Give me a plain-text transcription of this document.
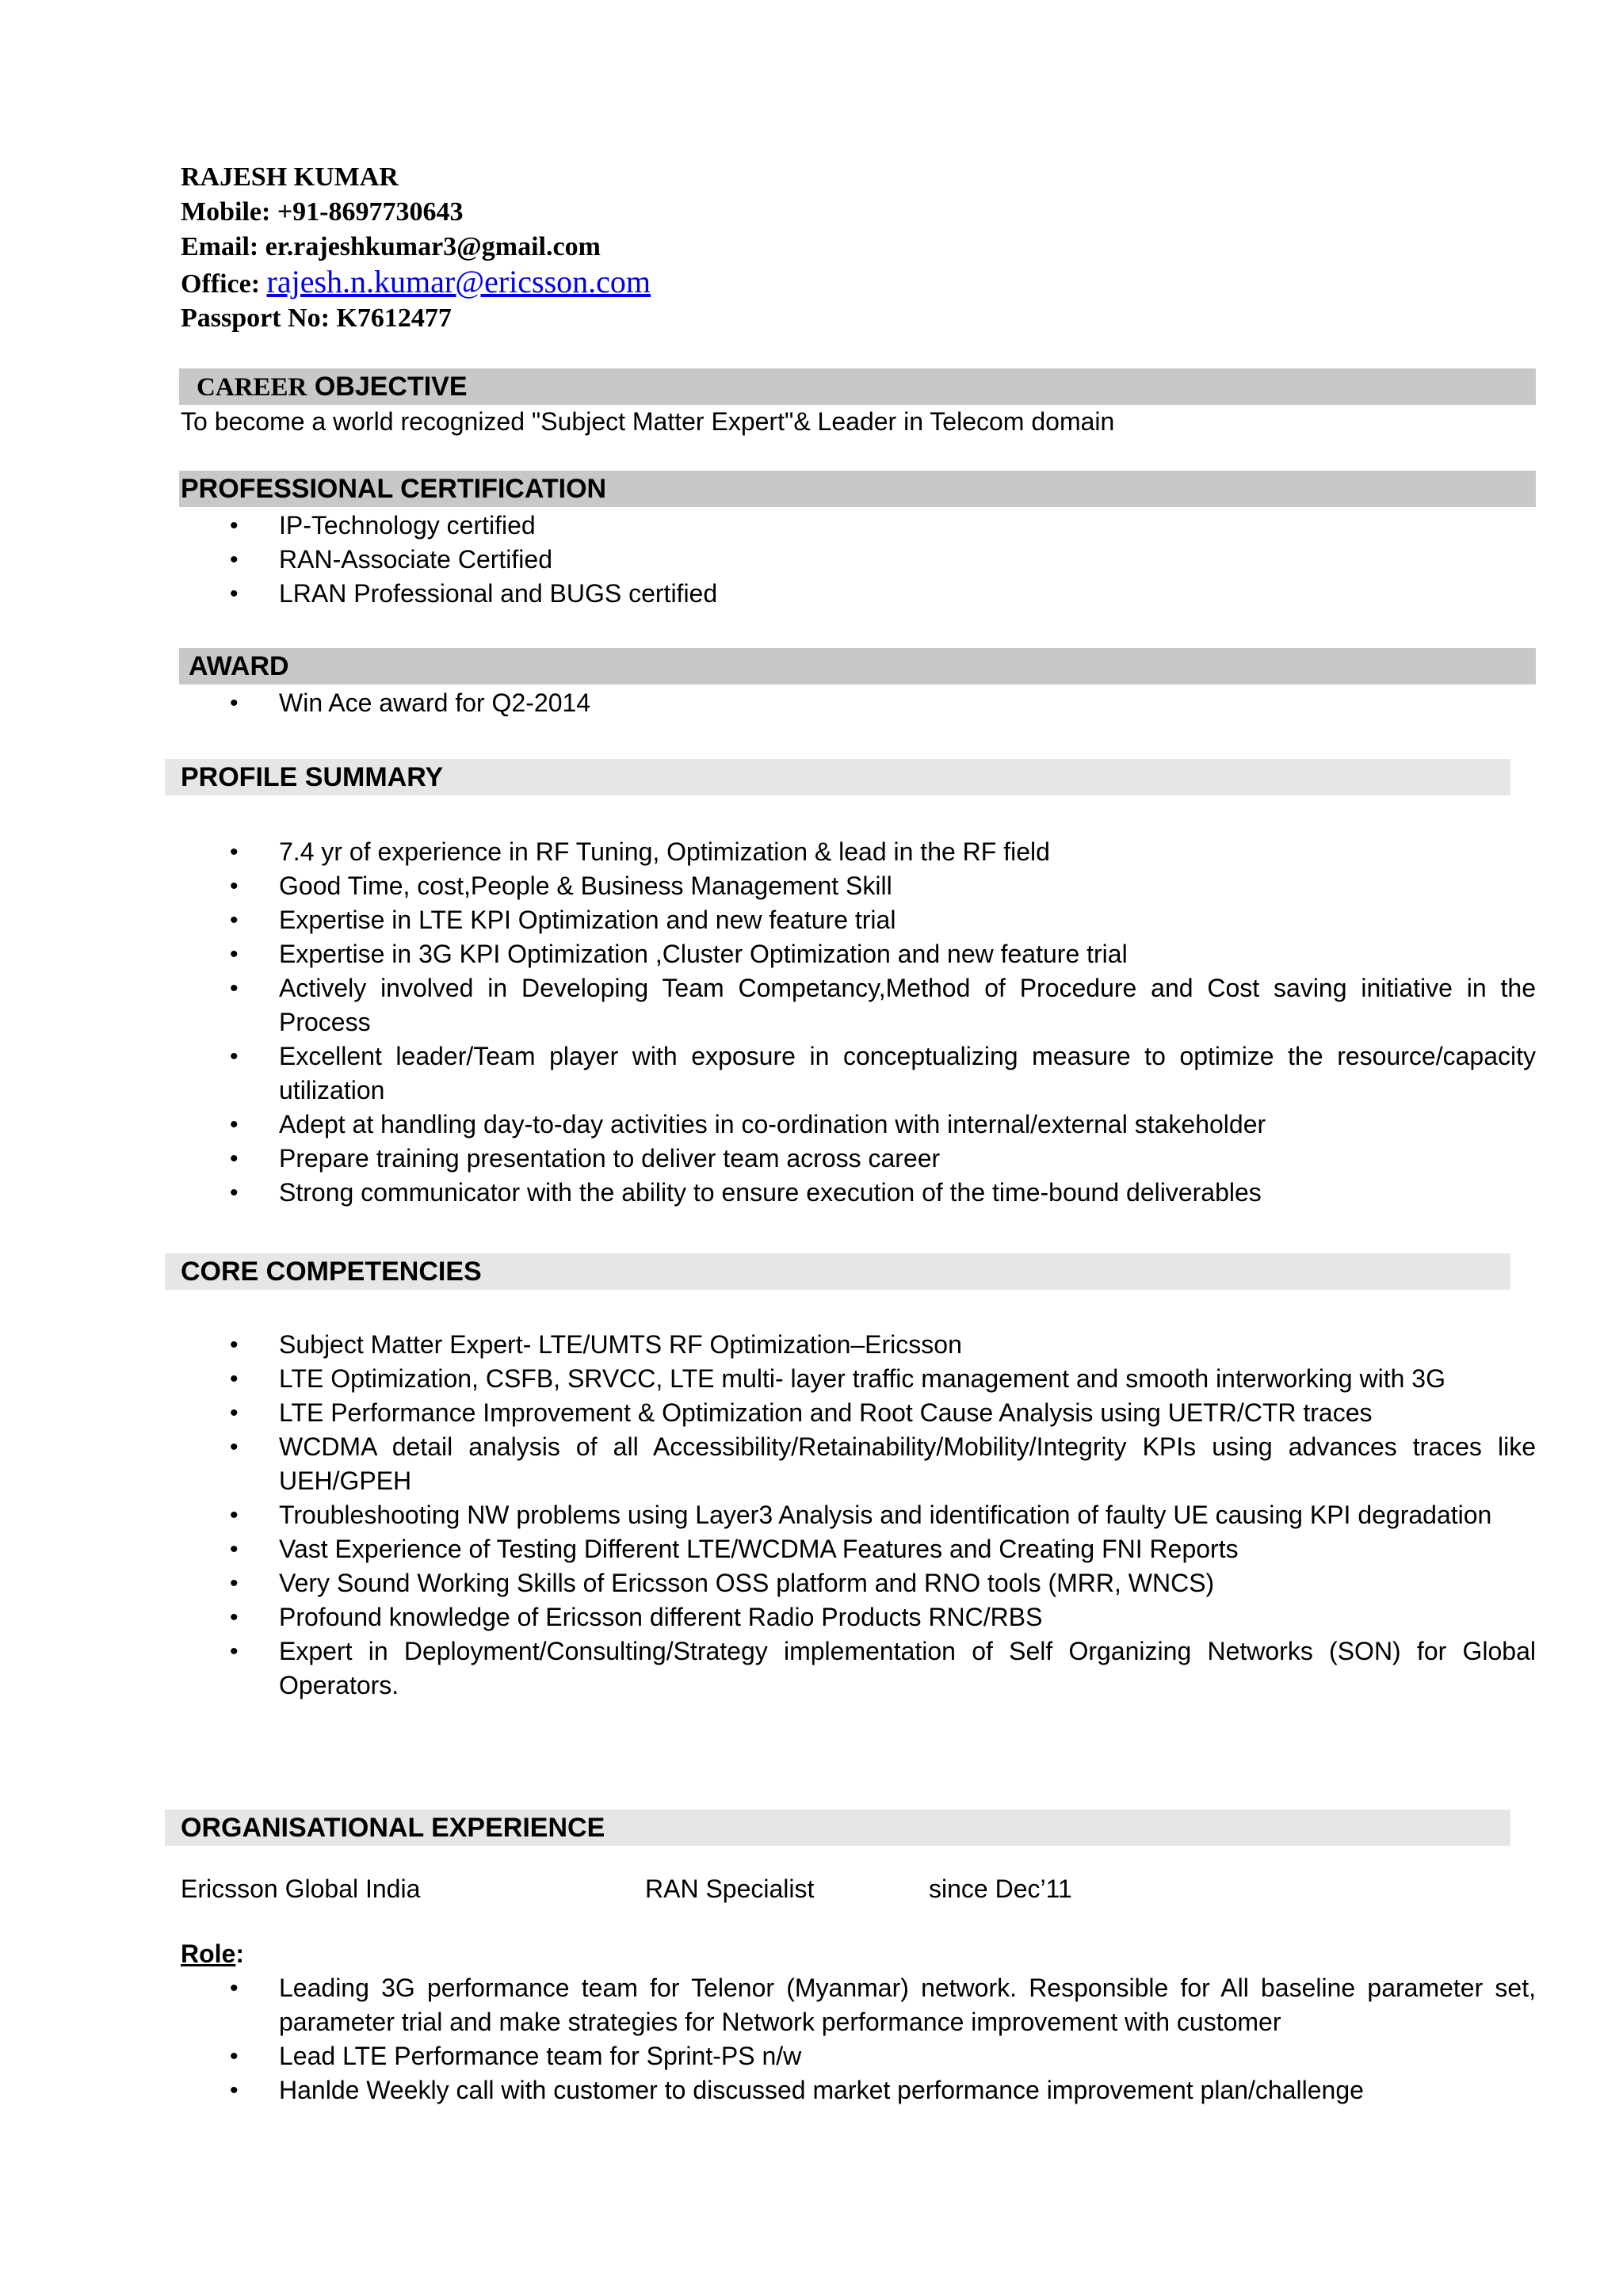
RAJESH KUMAR
Mobile: +91-8697730643
Email: er.rajeshkumar3@gmail.com
Office: rajesh.n.kumar@ericsson.com
Passport No: K7612477
CAREER OBJECTIVE
To become a world recognized "Subject Matter Expert"& Leader in Telecom domain
PROFESSIONAL CERTIFICATION
• IP-Technology certified
• RAN-Associate Certified
• LRAN Professional and BUGS certified
AWARD
• Win Ace award for Q2-2014
PROFILE SUMMARY
• 7.4 yr of experience in RF Tuning, Optimization & lead in the RF field
• Good Time, cost,People & Business Management Skill
• Expertise in LTE KPI Optimization and new feature trial
• Expertise in 3G KPI Optimization ,Cluster Optimization and new feature trial
• Actively involved in Developing Team Competancy,Method of Procedure and Cost saving initiative in the Process
• Excellent leader/Team player with exposure in conceptualizing measure to optimize the resource/capacity utilization
• Adept at handling day-to-day activities in co-ordination with internal/external stakeholder
• Prepare training presentation to deliver team across career
• Strong communicator with the ability to ensure execution of the time-bound deliverables
CORE COMPETENCIES
• Subject Matter Expert- LTE/UMTS RF Optimization–Ericsson
• LTE Optimization, CSFB, SRVCC, LTE multi- layer traffic management and smooth interworking with 3G
• LTE Performance Improvement & Optimization and Root Cause Analysis using UETR/CTR traces
• WCDMA detail analysis of all Accessibility/Retainability/Mobility/Integrity KPIs using advances traces like UEH/GPEH
• Troubleshooting NW problems using Layer3 Analysis and identification of faulty UE causing KPI degradation
• Vast Experience of Testing Different LTE/WCDMA Features and Creating FNI Reports
• Very Sound Working Skills of Ericsson OSS platform and RNO tools (MRR, WNCS)
• Profound knowledge of Ericsson different Radio Products RNC/RBS
• Expert in Deployment/Consulting/Strategy implementation of Self Organizing Networks (SON) for Global Operators.
ORGANISATIONAL EXPERIENCE
Ericsson Global India	RAN Specialist	since Dec’11
Role:
• Leading 3G performance team for Telenor (Myanmar) network. Responsible for All baseline parameter set, parameter trial and make strategies for Network performance improvement with customer
• Lead LTE Performance team for Sprint-PS n/w
• Hanlde Weekly call with customer to discussed market performance improvement plan/challenge
